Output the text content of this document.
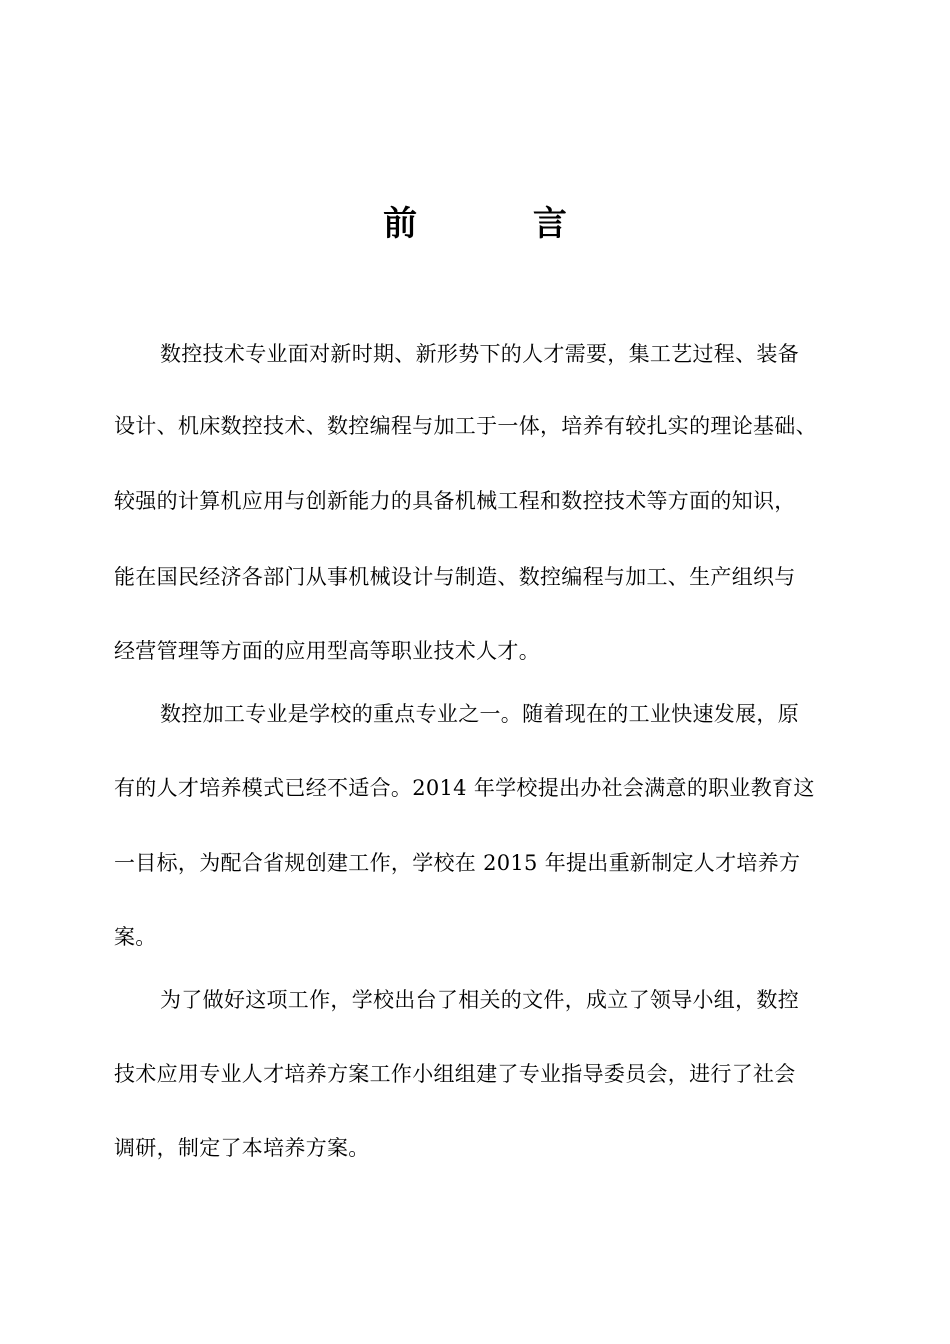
前 言
数控技术专业面对新时期、新形势下的人才需要，集工艺过程、装备
设计、机床数控技术、数控编程与加工于一体，培养有较扎实的理论基础、
较强的计算机应用与创新能力的具备机械工程和数控技术等方面的知识，
能在国民经济各部门从事机械设计与制造、数控编程与加工、生产组织与
经营管理等方面的应用型高等职业技术人才。
数控加工专业是学校的重点专业之一。随着现在的工业快速发展，原
有的人才培养模式已经不适合。2014 年学校提出办社会满意的职业教育这
一目标，为配合省规创建工作，学校在 2015 年提出重新制定人才培养方
案。
为了做好这项工作，学校出台了相关的文件，成立了领导小组，数控
技术应用专业人才培养方案工作小组组建了专业指导委员会，进行了社会
调研，制定了本培养方案。
